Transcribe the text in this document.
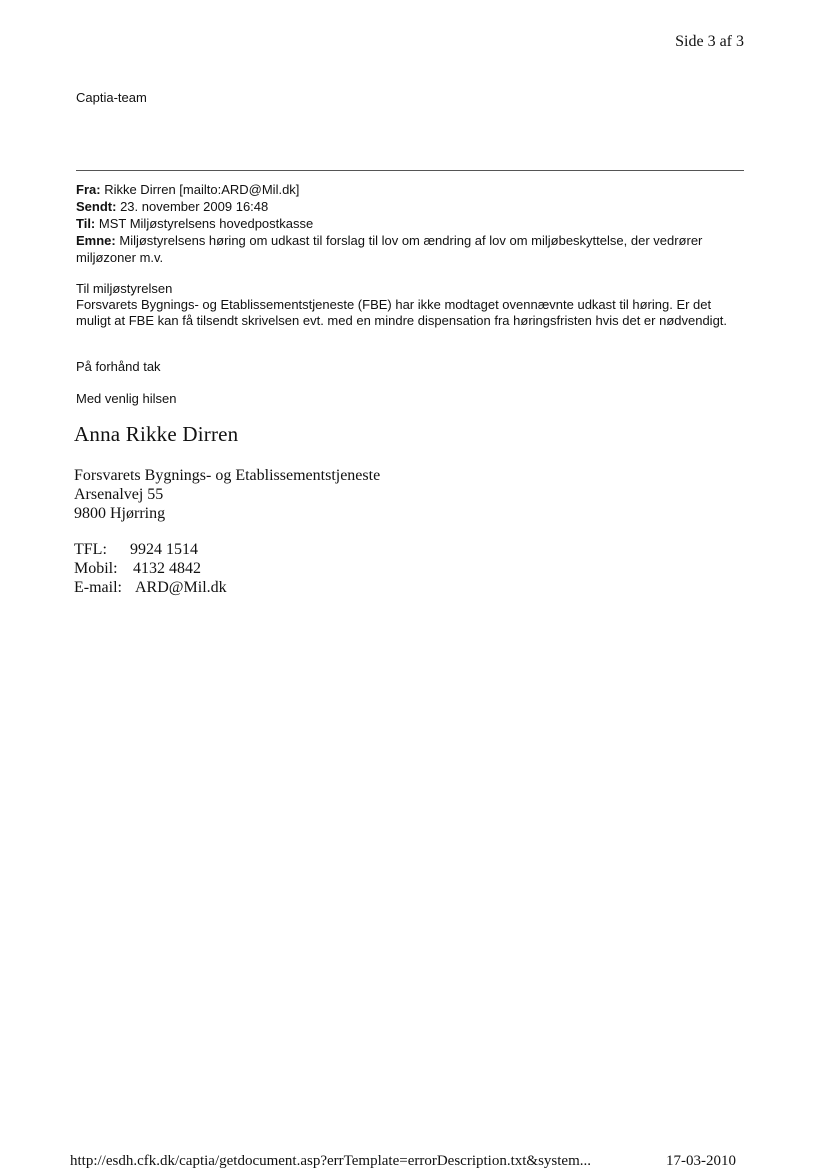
Side 3 af 3
Captia-team
Fra: Rikke Dirren [mailto:ARD@Mil.dk]
Sendt: 23. november 2009 16:48
Til: MST Miljøstyrelsens hovedpostkasse
Emne: Miljøstyrelsens høring om udkast til forslag til lov om ændring af lov om miljøbeskyttelse, der vedrører miljøzoner m.v.

Til miljøstyrelsen

Forsvarets Bygnings- og Etablissementstjeneste (FBE) har ikke modtaget ovennævnte udkast til høring. Er det muligt at FBE kan få tilsendt skrivelsen evt. med en mindre dispensation fra høringsfristen hvis det er nødvendigt.

På forhånd tak
Med venlig hilsen
Anna Rikke Dirren
Forsvarets Bygnings- og Etablissementstjeneste
Arsenalvej 55
9800 Hjørring
TFL:	9924 1514
Mobil: 4132 4842
E-mail: ARD@Mil.dk
http://esdh.cfk.dk/captia/getdocument.asp?errTemplate=errorDescription.txt&system...	17-03-2010
